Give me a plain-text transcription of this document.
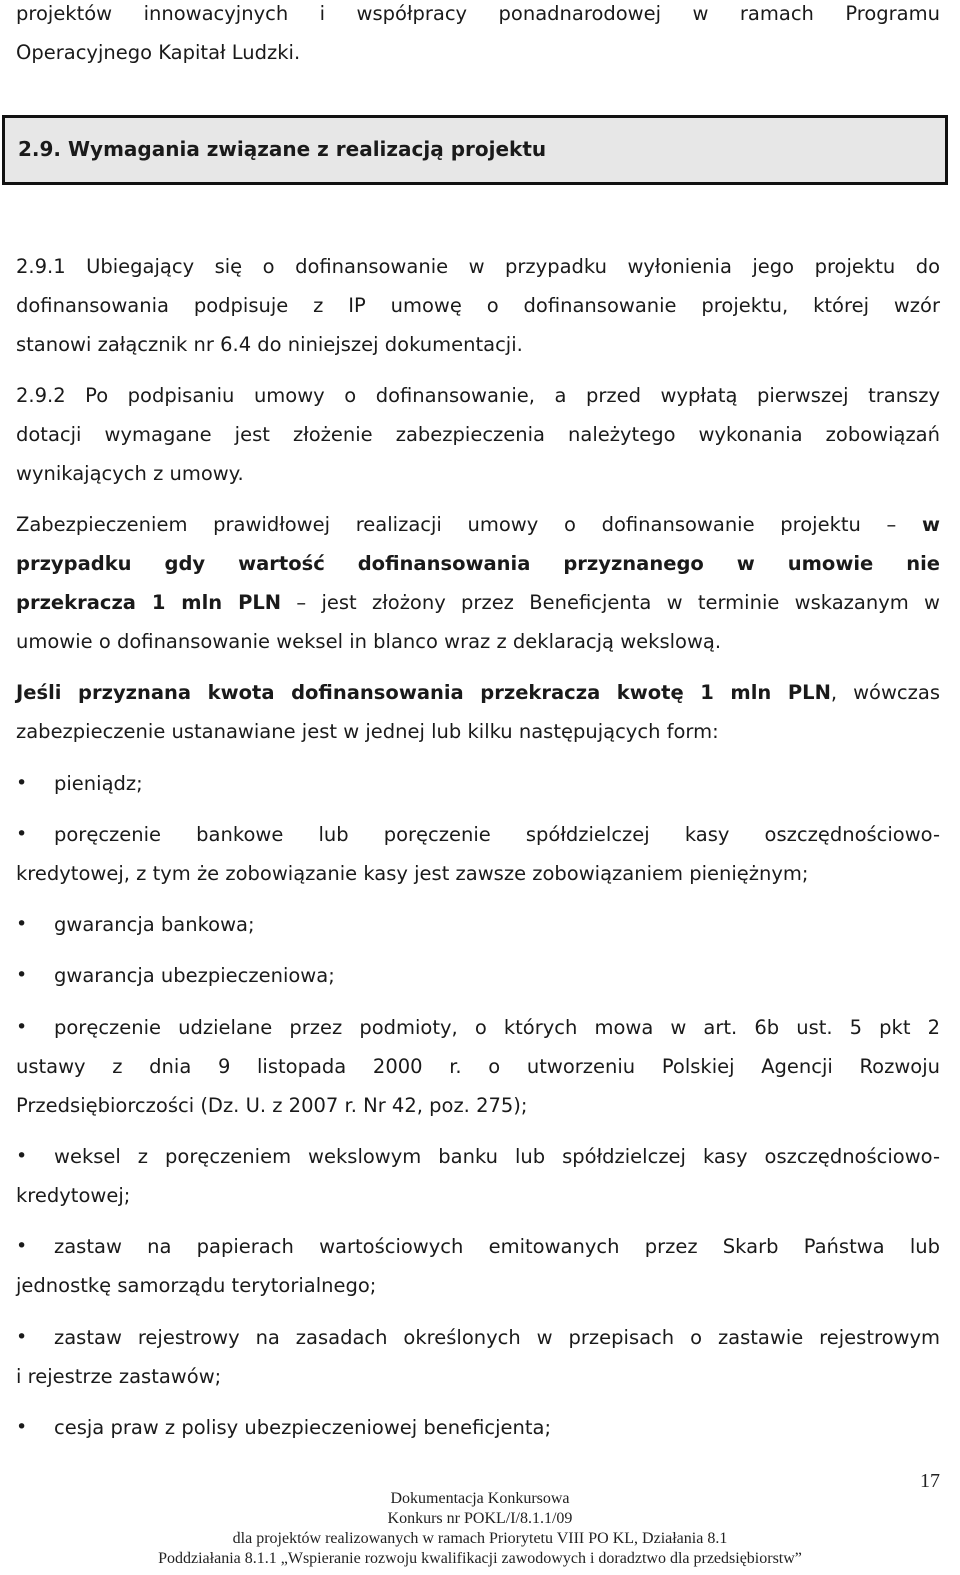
projektów innowacyjnych i współpracy ponadnarodowej w ramach Programu

Operacyjnego Kapitał Ludzki.

2.9. Wymagania związane z realizacją projektu

2.9.1 Ubiegający się o dofinansowanie w przypadku wyłonienia jego projektu do

dofinansowania podpisuje z IP umowę o dofinansowanie projektu, której wzór

stanowi załącznik nr 6.4 do niniejszej dokumentacji.

2.9.2 Po podpisaniu umowy o dofinansowanie, a przed wypłatą pierwszej transzy

dotacji wymagane jest złożenie zabezpieczenia należytego wykonania zobowiązań

wynikających z umowy.

Zabezpieczeniem prawidłowej realizacji umowy o dofinansowanie projektu – w

przypadku gdy wartość dofinansowania przyznanego w umowie nie

przekracza 1 mln PLN – jest złożony przez Beneficjenta w terminie wskazanym w

umowie o dofinansowanie weksel in blanco wraz z deklaracją wekslową.

Jeśli przyznana kwota dofinansowania przekracza kwotę 1 mln PLN, wówczas

zabezpieczenie ustanawiane jest w jednej lub kilku następujących form:

•	pieniądz;

•	poręczenie bankowe lub poręczenie spółdzielczej kasy oszczędnościowo-

kredytowej, z tym że zobowiązanie kasy jest zawsze zobowiązaniem pieniężnym;

•	gwarancja bankowa;

•	gwarancja ubezpieczeniowa;

•	poręczenie udzielane przez podmioty, o których mowa w art. 6b ust. 5 pkt 2

ustawy z dnia 9 listopada 2000 r. o utworzeniu Polskiej Agencji Rozwoju

Przedsiębiorczości (Dz. U. z 2007 r. Nr 42, poz. 275);

•	weksel z poręczeniem wekslowym banku lub spółdzielczej kasy oszczędnościowo-

kredytowej;

•	zastaw na papierach wartościowych emitowanych przez Skarb Państwa lub

jednostkę samorządu terytorialnego;

•	zastaw rejestrowy na zasadach określonych w przepisach o zastawie rejestrowym

i rejestrze zastawów;

•	cesja praw z polisy ubezpieczeniowej beneficjenta;

17
Dokumentacja Konkursowa
Konkurs nr POKL/I/8.1.1/09
dla projektów realizowanych w ramach Priorytetu VIII PO KL, Działania 8.1
Poddziałania 8.1.1 „Wspieranie rozwoju kwalifikacji zawodowych i doradztwo dla przedsiębiorstw”
